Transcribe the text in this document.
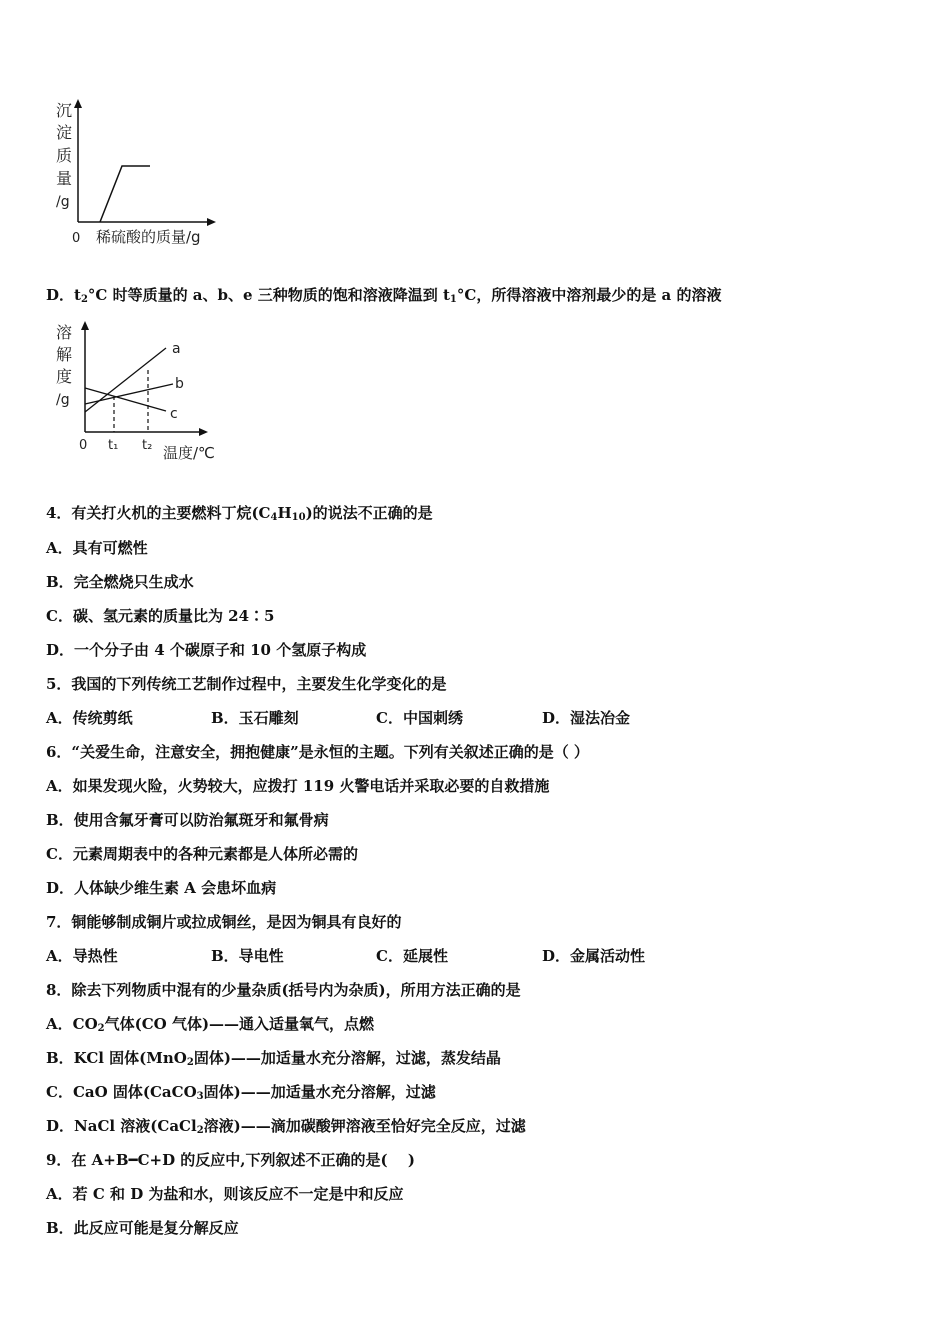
沉
淀
质
量
/g
0 稀硫酸的质量/g
D．$t_2^\circ C$ 时等质量的 a、b、e 三种物质的饱和溶液降温到 $t_1^\circ C$，所得溶液中溶剂最少的是 a 的溶液
溶
解
度
/g
a
b
c
0 t₁ t₂ 温度/℃
4．有关打火机的主要燃料丁烷$(C_4H_{10})$的说法不正确的是
A．具有可燃性
B．完全燃烧只生成水
C．碳、氢元素的质量比为 24∶5
D．一个分子由 4 个碳原子和 10 个氢原子构成
5．我国的下列传统工艺制作过程中，主要发生化学变化的是
A．传统剪纸	B．玉石雕刻	C．中国刺绣	D．湿法冶金
6．“关爱生命，注意安全，拥抱健康”是永恒的主题。下列有关叙述正确的是（ ）
A．如果发现火险，火势较大，应拨打 119 火警电话并采取必要的自救措施
B．使用含氟牙膏可以防治氟斑牙和氟骨病
C．元素周期表中的各种元素都是人体所必需的
D．人体缺少维生素 A 会患坏血病
7．铜能够制成铜片或拉成铜丝，是因为铜具有良好的
A．导热性	B．导电性	C．延展性	D．金属活动性
8．除去下列物质中混有的少量杂质(括号内为杂质)，所用方法正确的是
A．$CO_2$气体(CO 气体)——通入适量氧气，点燃
B．KCl 固体(MnO$_2$固体)——加适量水充分溶解，过滤，蒸发结晶
C．CaO 固体(CaCO$_3$固体)——加适量水充分溶解，过滤
D．NaCl 溶液(CaCl$_2$溶液)——滴加碳酸钾溶液至恰好完全反应，过滤
9．在 A+B━C+D 的反应中,下列叙述不正确的是(　 )
A．若 C 和 D 为盐和水，则该反应不一定是中和反应
B．此反应可能是复分解反应
